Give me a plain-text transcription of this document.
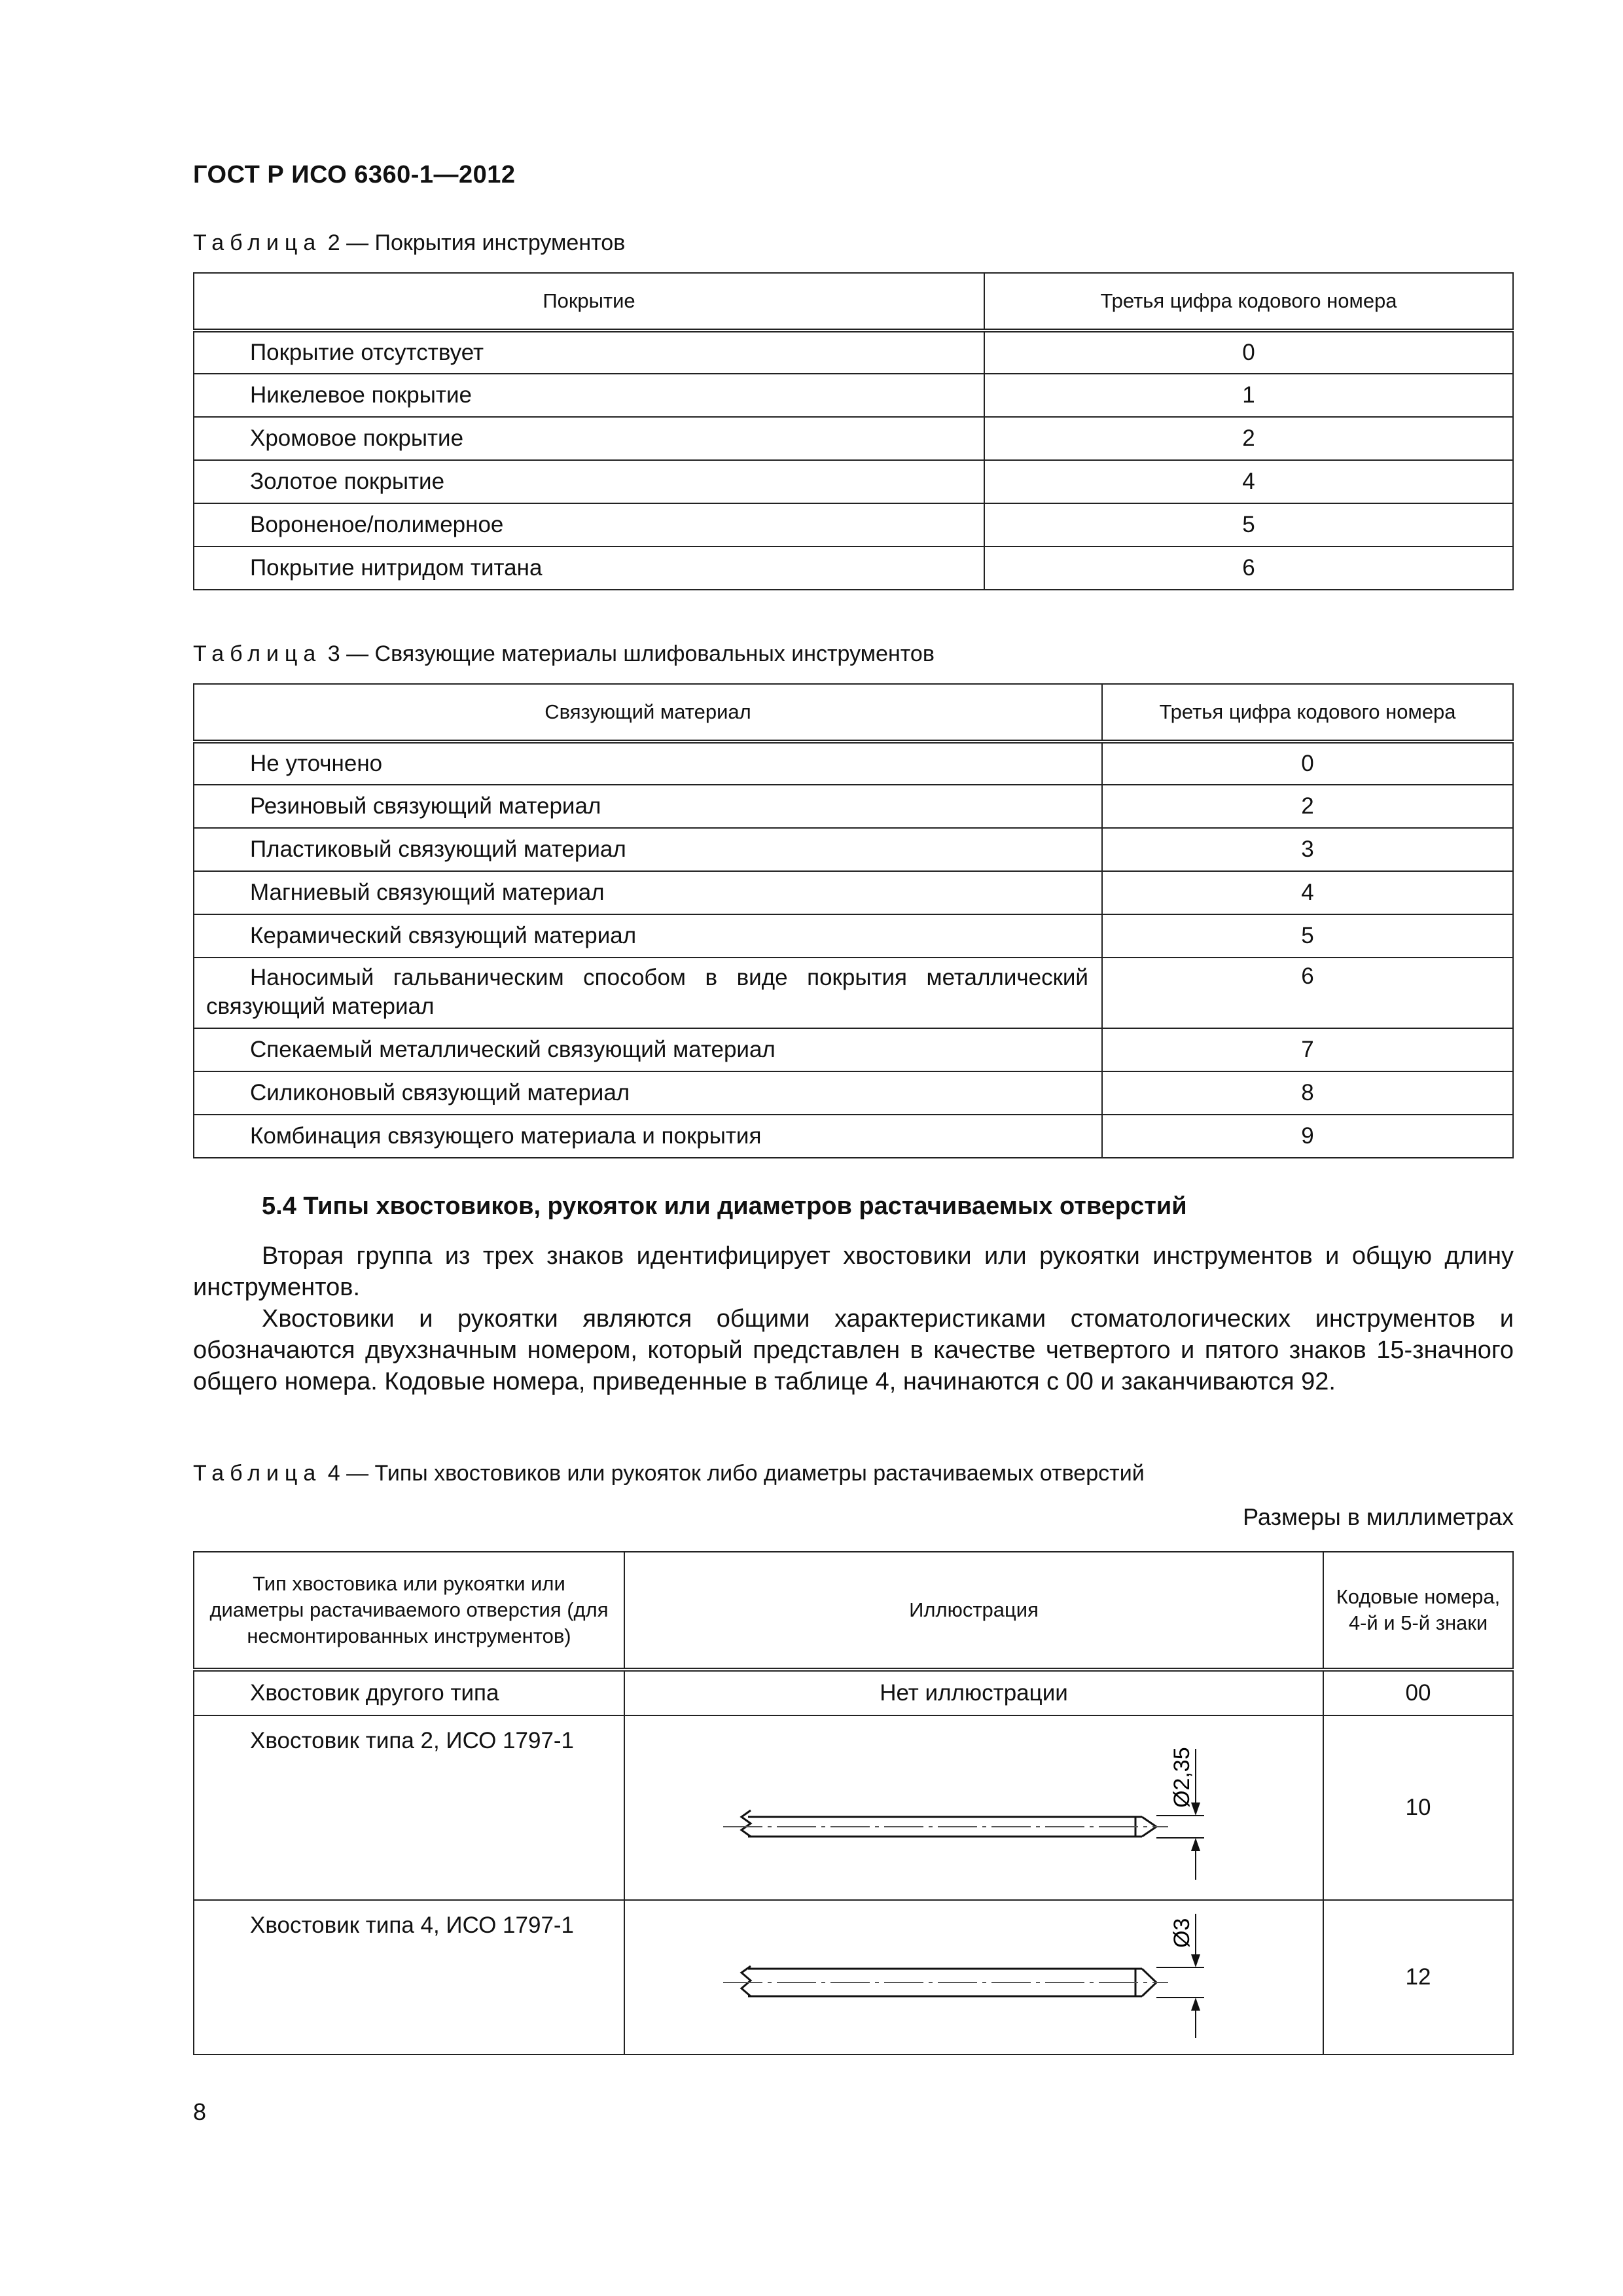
ГОСТ Р ИСО 6360-1—2012
Таблица 2 — Покрытия инструментов
Покрытие	Третья цифра кодового номера
Покрытие отсутствует	0
Никелевое покрытие	1
Хромовое покрытие	2
Золотое покрытие	4
Вороненое/полимерное	5
Покрытие нитридом титана	6
Таблица 3 — Связующие материалы шлифовальных инструментов
Связующий материал	Третья цифра кодового номера
Не уточнено	0
Резиновый связующий материал	2
Пластиковый связующий материал	3
Магниевый связующий материал	4
Керамический связующий материал	5
Наносимый гальваническим способом в виде покрытия металлический связующий материал	6
Спекаемый металлический связующий материал	7
Силиконовый связующий материал	8
Комбинация связующего материала и покрытия	9
5.4 Типы хвостовиков, рукояток или диаметров растачиваемых отверстий
Вторая группа из трех знаков идентифицирует хвостовики или рукоятки инструментов и общую длину инструментов.
Хвостовики и рукоятки являются общими характеристиками стоматологических инструментов и обозначаются двухзначным номером, который представлен в качестве четвертого и пятого знаков 15-значного общего номера. Кодовые номера, приведенные в таблице 4, начинаются с 00 и заканчиваются 92.
Таблица 4 — Типы хвостовиков или рукояток либо диаметры растачиваемых отверстий
Размеры в миллиметрах
Тип хвостовика или рукоятки или диаметры растачиваемого отверстия (для несмонтированных инструментов)	Иллюстрация	Кодовые номера, 4-й и 5-й знаки
Хвостовик другого типа	Нет иллюстрации	00
Хвостовик типа 2, ИСО 1797-1	Ø2,35	10
Хвостовик типа 4, ИСО 1797-1	Ø3	12
8
